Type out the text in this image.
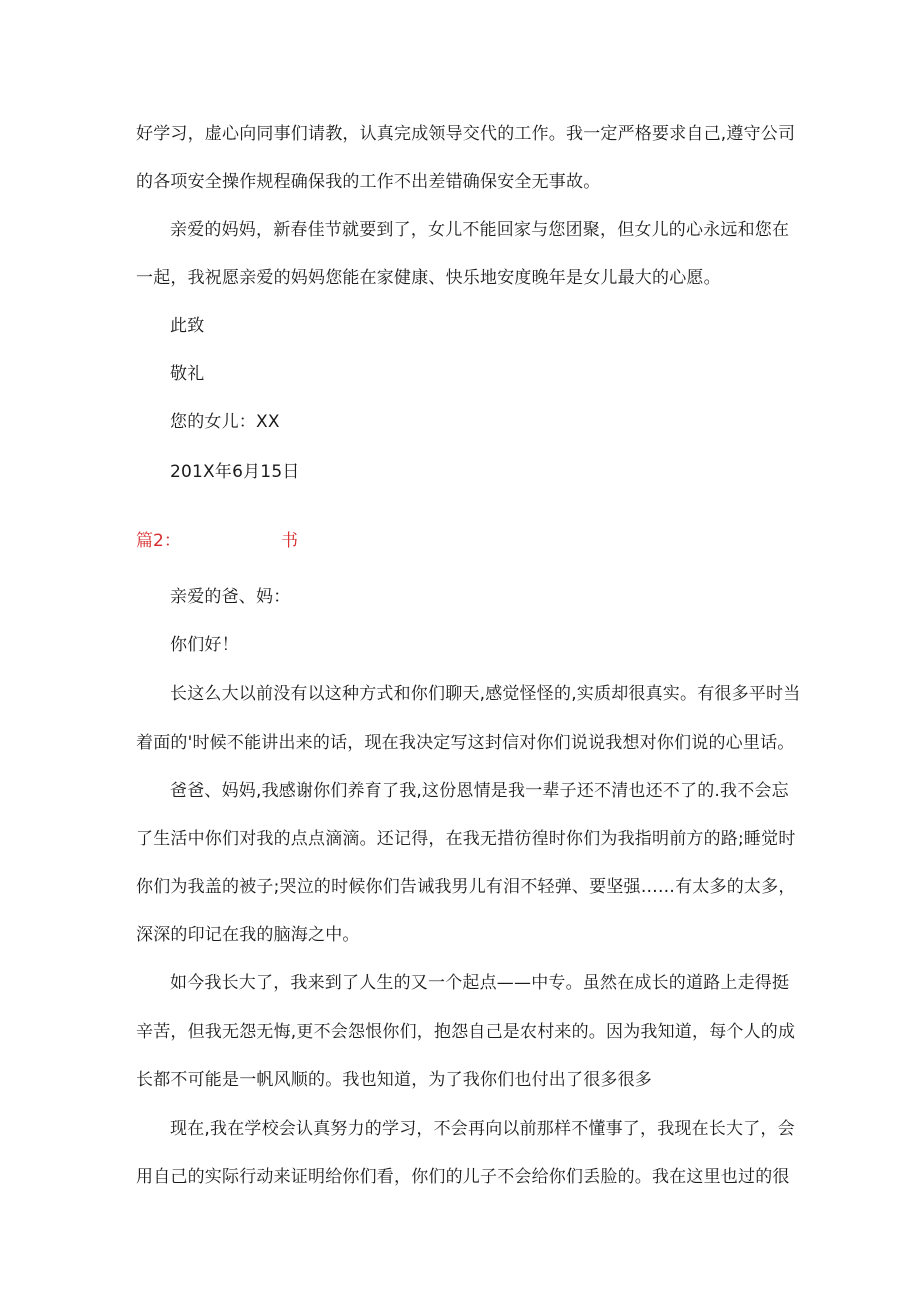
好学习，虚心向同事们请教，认真完成领导交代的工作。我一定严格要求自己,遵守公司
的各项安全操作规程确保我的工作不出差错确保安全无事故。
亲爱的妈妈，新春佳节就要到了，女儿不能回家与您团聚，但女儿的心永远和您在
一起，我祝愿亲爱的妈妈您能在家健康、快乐地安度晚年是女儿最大的心愿。
此致
敬礼
您的女儿：XX
201X年6月15日
篇2：	书
亲爱的爸、妈：
你们好！
长这么大以前没有以这种方式和你们聊天,感觉怪怪的,实质却很真实。有很多平时当
着面的'时候不能讲出来的话，现在我决定写这封信对你们说说我想对你们说的心里话。
爸爸、妈妈,我感谢你们养育了我,这份恩情是我一辈子还不清也还不了的.我不会忘
了生活中你们对我的点点滴滴。还记得，在我无措彷徨时你们为我指明前方的路;睡觉时
你们为我盖的被子;哭泣的时候你们告诫我男儿有泪不轻弹、要坚强……有太多的太多，
深深的印记在我的脑海之中。
如今我长大了，我来到了人生的又一个起点——中专。虽然在成长的道路上走得挺
辛苦，但我无怨无悔,更不会怨恨你们，抱怨自己是农村来的。因为我知道，每个人的成
长都不可能是一帆风顺的。我也知道，为了我你们也付出了很多很多
现在,我在学校会认真努力的学习，不会再向以前那样不懂事了，我现在长大了，会
用自己的实际行动来证明给你们看，你们的儿子不会给你们丢脸的。我在这里也过的很
